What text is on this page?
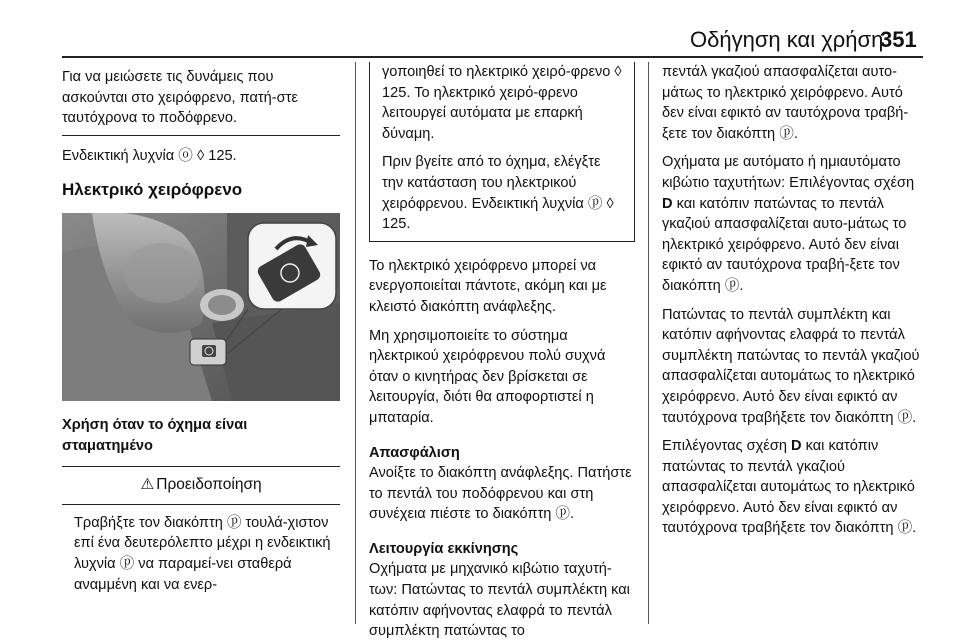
Οδήγηση και χρήση
351

Για να μειώσετε τις δυνάμεις που ασκούνται στο χειρόφρενο, πατή-στε ταυτόχρονα το ποδόφρενο.

Ενδεικτική λυχνία ⓞ ◊ 125.

Ηλεκτρικό χειρόφρενο
Χρήση όταν το όχημα είναι σταματημένο
⚠ Προειδοποίηση

Τραβήξτε τον διακόπτη ⓟ τουλά-χιστον επί ένα δευτερόλεπτο μέχρι η ενδεικτική λυχνία ⓟ να παραμεί-νει σταθερά αναμμένη και να ενερ-

γοποιηθεί το ηλεκτρικό χειρό-φρενο ◊ 125. Το ηλεκτρικό χειρό-φρενο λειτουργεί αυτόματα με επαρκή δύναμη.

Πριν βγείτε από το όχημα, ελέγξτε την κατάσταση του ηλεκτρικού χειρόφρενου. Ενδεικτική λυχνία ⓟ ◊ 125.

Το ηλεκτρικό χειρόφρενο μπορεί να ενεργοποιείται πάντοτε, ακόμη και με κλειστό διακόπτη ανάφλεξης.

Μη χρησιμοποιείτε το σύστημα ηλεκτρικού χειρόφρενου πολύ συχνά όταν ο κινητήρας δεν βρίσκεται σε λειτουργία, διότι θα αποφορτιστεί η μπαταρία.

Απασφάλιση

Ανοίξτε το διακόπτη ανάφλεξης. Πατήστε το πεντάλ του ποδόφρενου και στη συνέχεια πιέστε το διακόπτη ⓟ.

Λειτουργία εκκίνησης

Οχήματα με μηχανικό κιβώτιο ταχυτή-των: Πατώντας το πεντάλ συμπλέκτη και κατόπιν αφήνοντας ελαφρά το πεντάλ συμπλέκτη πατώντας το

πεντάλ γκαζιού απασφαλίζεται αυτο-μάτως το ηλεκτρικό χειρόφρενο. Αυτό δεν είναι εφικτό αν ταυτόχρονα τραβή-ξετε τον διακόπτη ⓟ.

Οχήματα με αυτόματο ή ημιαυτόματο κιβώτιο ταχυτήτων: Επιλέγοντας σχέση D και κατόπιν πατώντας το πεντάλ γκαζιού απασφαλίζεται αυτο-μάτως το ηλεκτρικό χειρόφρενο. Αυτό δεν είναι εφικτό αν ταυτόχρονα τραβή-ξετε τον διακόπτη ⓟ.

Πατώντας το πεντάλ συμπλέκτη και κατόπιν αφήνοντας ελαφρά το πεντάλ συμπλέκτη πατώντας το πεντάλ γκαζιού απασφαλίζεται αυτομάτως το ηλεκτρικό χειρόφρενο. Αυτό δεν είναι εφικτό αν ταυτόχρονα τραβήξετε τον διακόπτη ⓟ.

Επιλέγοντας σχέση D και κατόπιν πατώντας το πεντάλ γκαζιού απασφαλίζεται αυτομάτως το ηλεκτρικό χειρόφρενο. Αυτό δεν είναι εφικτό αν ταυτόχρονα τραβήξετε τον διακόπτη ⓟ.
